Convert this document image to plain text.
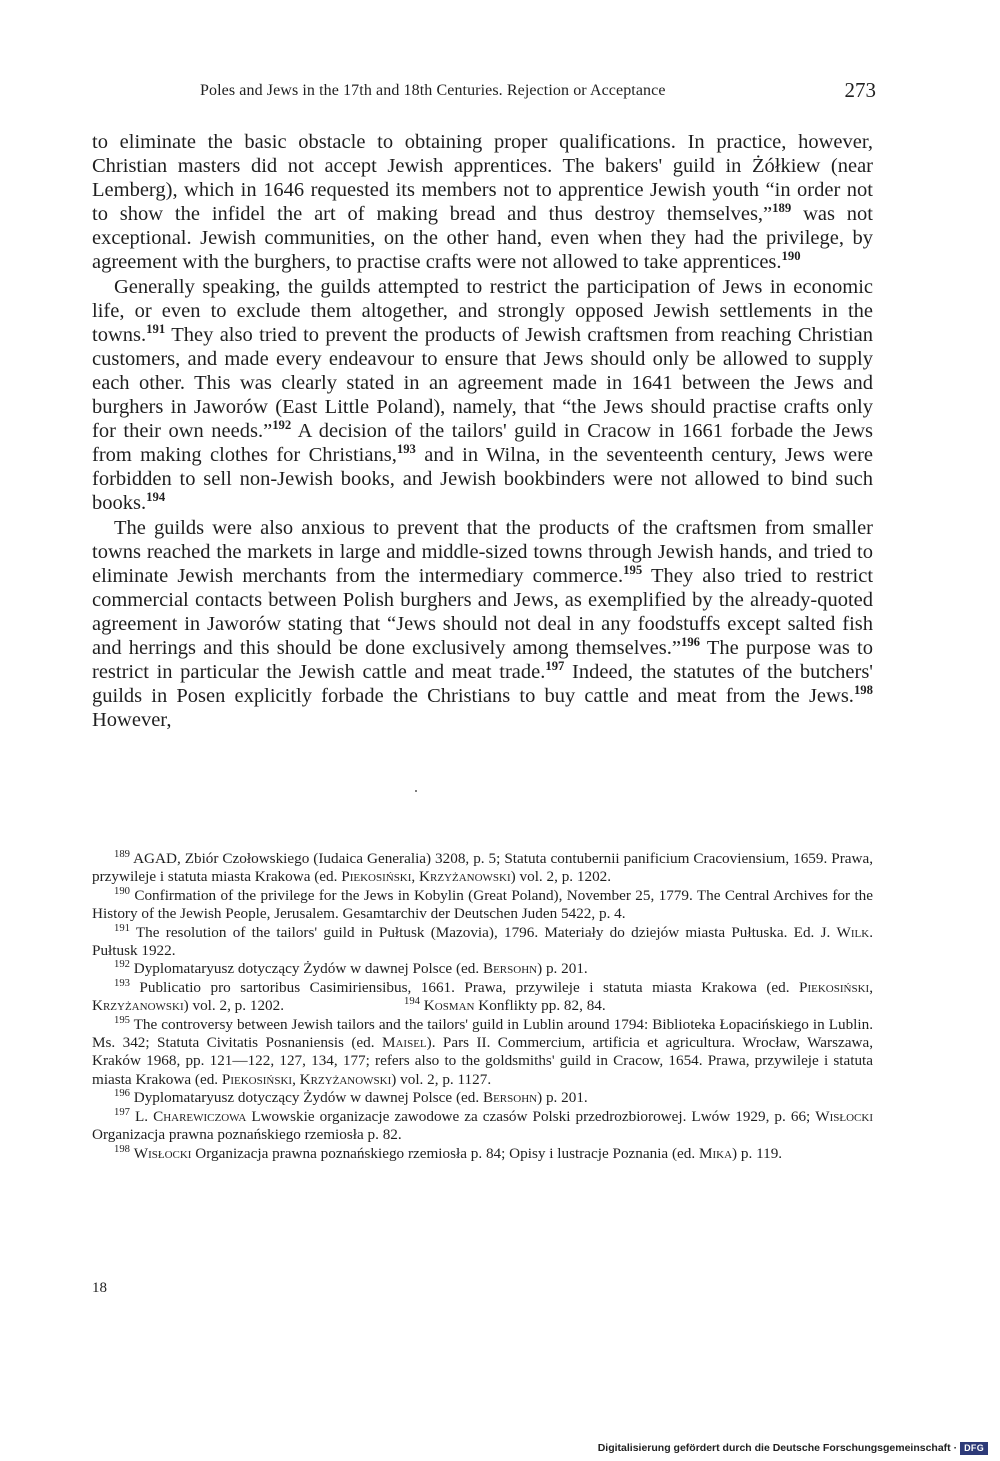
Poles and Jews in the 17th and 18th Centuries. Rejection or Acceptance	273

to eliminate the basic obstacle to obtaining proper qualifications. In practice, however, Christian masters did not accept Jewish apprentices. The bakers' guild in Żółkiew (near Lemberg), which in 1646 requested its members not to apprentice Jewish youth “in order not to show the infidel the art of making bread and thus destroy themselves,”$^{189}$ was not exceptional. Jewish communities, on the other hand, even when they had the privilege, by agreement with the burghers, to practise crafts were not allowed to take apprentices.$^{190}$

Generally speaking, the guilds attempted to restrict the participation of Jews in economic life, or even to exclude them altogether, and strongly opposed Jewish settlements in the towns.$^{191}$ They also tried to prevent the products of Jewish craftsmen from reaching Christian customers, and made every endeavour to ensure that Jews should only be allowed to supply each other. This was clearly stated in an agreement made in 1641 between the Jews and burghers in Jaworów (East Little Poland), namely, that “the Jews should practise crafts only for their own needs.”$^{192}$ A decision of the tailors' guild in Cracow in 1661 forbade the Jews from making clothes for Christians,$^{193}$ and in Wilna, in the seventeenth century, Jews were forbidden to sell non-Jewish books, and Jewish bookbinders were not allowed to bind such books.$^{194}$

The guilds were also anxious to prevent that the products of the craftsmen from smaller towns reached the markets in large and middle-sized towns through Jewish hands, and tried to eliminate Jewish merchants from the intermediary commerce.$^{195}$ They also tried to restrict commercial contacts between Polish burghers and Jews, as exemplified by the already-quoted agreement in Jaworów stating that “Jews should not deal in any foodstuffs except salted fish and herrings and this should be done exclusively among themselves.”$^{196}$ The purpose was to restrict in particular the Jewish cattle and meat trade.$^{197}$ Indeed, the statutes of the butchers' guilds in Posen explicitly forbade the Christians to buy cattle and meat from the Jews.$^{198}$ However,

$^{189}$ AGAD, Zbiór Czołowskiego (Iudaica Generalia) 3208, p. 5; Statuta contubernii panificium Cracoviensium, 1659. Prawa, przywileje i statuta miasta Krakowa (ed. Piekosiński, Krzyżanowski) vol. 2, p. 1202.

$^{190}$ Confirmation of the privilege for the Jews in Kobylin (Great Poland), November 25, 1779. The Central Archives for the History of the Jewish People, Jerusalem. Gesamtarchiv der Deutschen Juden 5422, p. 4.

$^{191}$ The resolution of the tailors' guild in Pułtusk (Mazovia), 1796. Materiały do dziejów miasta Pułtuska. Ed. J. Wilk. Pułtusk 1922.

$^{192}$ Dyplomataryusz dotyczący Żydów w dawnej Polsce (ed. Bersohn) p. 201.

$^{193}$ Publicatio pro sartoribus Casimiriensibus, 1661. Prawa, przywileje i statuta miasta Krakowa (ed. Piekosiński, Krzyżanowski) vol. 2, p. 1202.	$^{194}$ Kosman Konflikty pp. 82, 84.

$^{195}$ The controversy between Jewish tailors and the tailors' guild in Lublin around 1794: Biblioteka Łopacińskiego in Lublin. Ms. 342; Statuta Civitatis Posnaniensis (ed. Maisel). Pars II. Commercium, artificia et agricultura. Wrocław, Warszawa, Kraków 1968, pp. 121—122, 127, 134, 177; refers also to the goldsmiths' guild in Cracow, 1654. Prawa, przywileje i statuta miasta Krakowa (ed. Piekosiński, Krzyżanowski) vol. 2, p. 1127.

$^{196}$ Dyplomataryusz dotyczący Żydów w dawnej Polsce (ed. Bersohn) p. 201.

$^{197}$ L. Charewiczowa Lwowskie organizacje zawodowe za czasów Polski przedrozbiorowej. Lwów 1929, p. 66; Wisłocki Organizacja prawna poznańskiego rzemiosła p. 82.

$^{198}$ Wisłocki Organizacja prawna poznańskiego rzemiosła p. 84; Opisy i lustracje Poznania (ed. Mika) p. 119.

18
Digitalisierung gefördert durch die Deutsche Forschungsgemeinschaft · DFG
